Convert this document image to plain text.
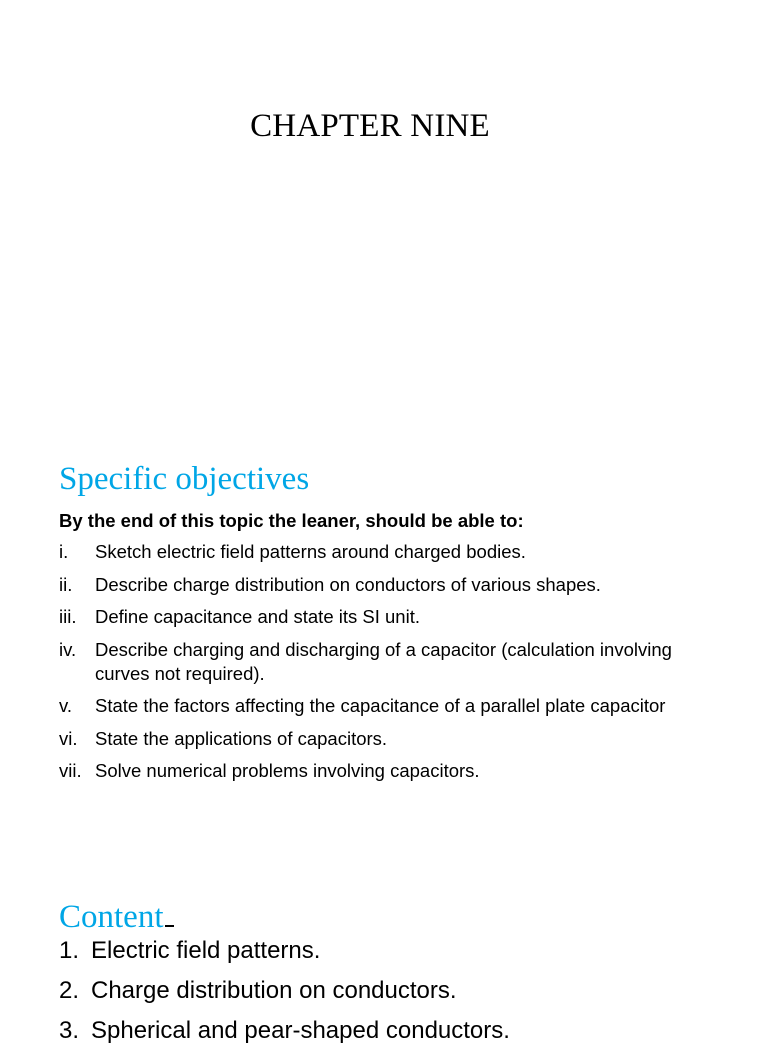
CHAPTER NINE
Specific objectives

By the end of this topic the leaner, should be able to:

i.	Sketch electric field patterns around charged bodies.
ii.	Describe charge distribution on conductors of various shapes.
iii.	Define capacitance and state its SI unit.
iv.	Describe charging and discharging of a capacitor (calculation involving curves not required).
v.	State the factors affecting the capacitance of a parallel plate capacitor
vi. State the applications of capacitors.
vii. Solve numerical problems involving capacitors.
Content
1. Electric field patterns.
2. Charge distribution on conductors.
3. Spherical and pear-shaped conductors.
